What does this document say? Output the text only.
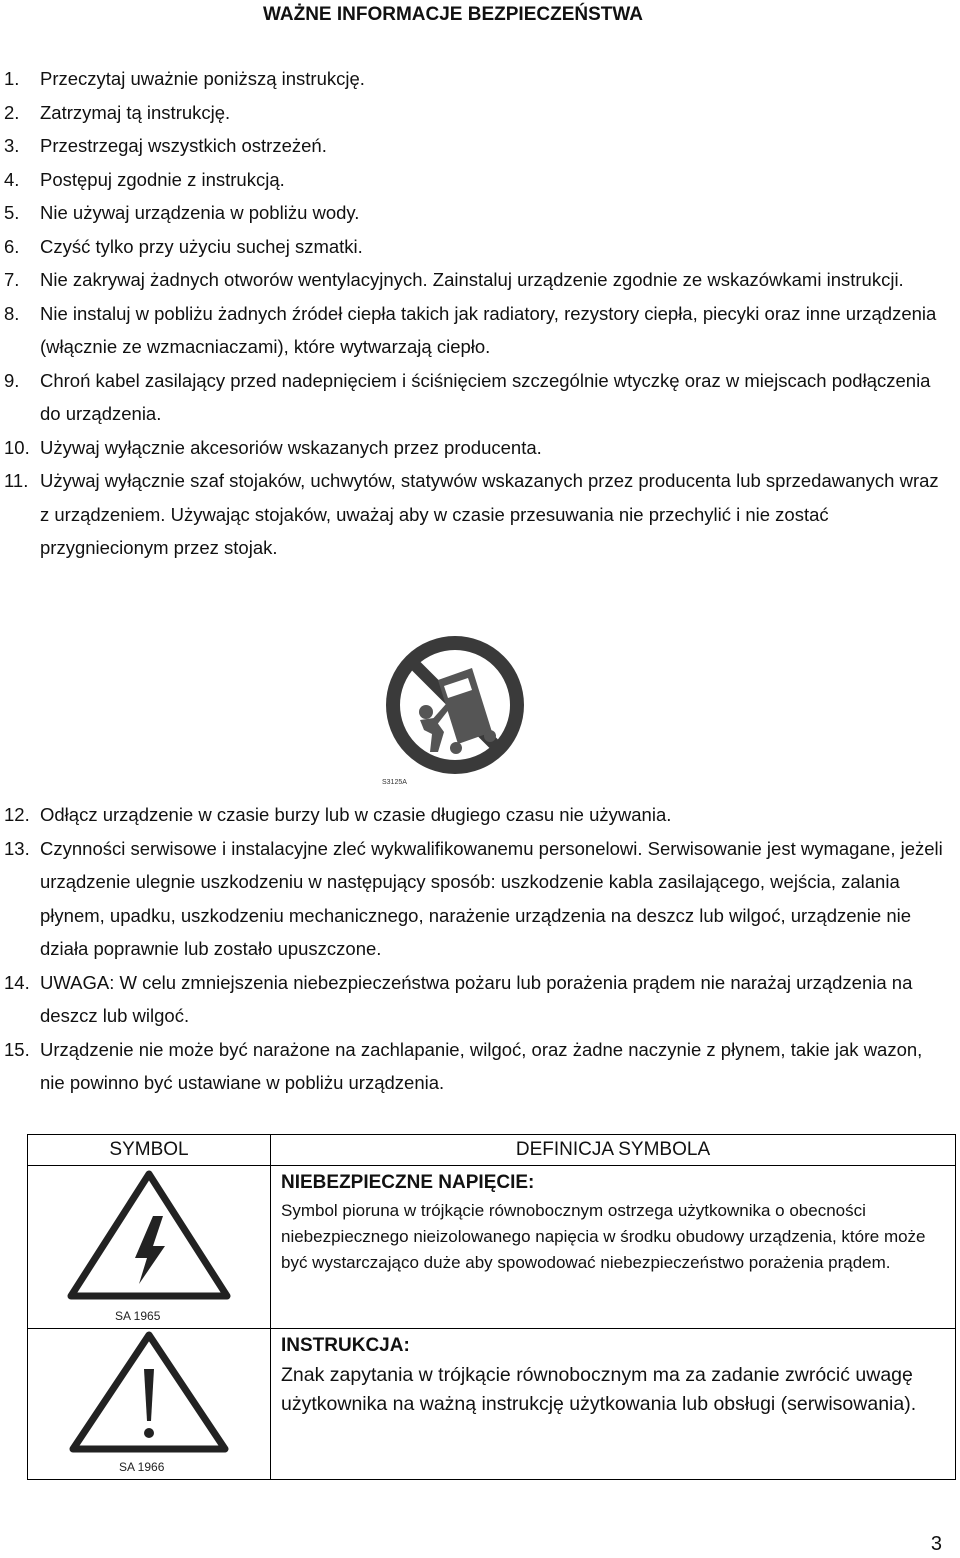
WAŻNE INFORMACJE BEZPIECZEŃSTWA
1. Przeczytaj uważnie poniższą instrukcję.
2. Zatrzymaj tą instrukcję.
3. Przestrzegaj wszystkich ostrzeżeń.
4. Postępuj zgodnie z instrukcją.
5. Nie używaj urządzenia w pobliżu wody.
6. Czyść tylko przy użyciu suchej szmatki.
7. Nie zakrywaj żadnych otworów wentylacyjnych. Zainstaluj urządzenie zgodnie ze wskazówkami instrukcji.
8. Nie instaluj w pobliżu żadnych źródeł ciepła takich jak radiatory, rezystory ciepła, piecyki oraz inne urządzenia (włącznie ze wzmacniaczami), które wytwarzają ciepło.
9. Chroń kabel zasilający przed nadepnięciem i ściśnięciem szczególnie wtyczkę oraz w miejscach podłączenia do urządzenia.
10. Używaj wyłącznie akcesoriów wskazanych przez producenta.
11. Używaj wyłącznie szaf stojaków, uchwytów, statywów wskazanych przez producenta lub sprzedawanych wraz z urządzeniem. Używając stojaków, uważaj aby w czasie przesuwania nie przechylić i nie zostać przygniecionym przez stojak.
S3125A
12. Odłącz urządzenie w czasie burzy lub w czasie długiego czasu nie używania.
13. Czynności serwisowe i instalacyjne zleć wykwalifikowanemu personelowi. Serwisowanie jest wymagane, jeżeli urządzenie ulegnie uszkodzeniu w następujący sposób: uszkodzenie kabla zasilającego, wejścia, zalania płynem, upadku, uszkodzeniu mechanicznego, narażenie urządzenia na deszcz lub wilgoć, urządzenie nie działa poprawnie lub zostało upuszczone.
14. UWAGA: W celu zmniejszenia niebezpieczeństwa pożaru lub porażenia prądem nie narażaj urządzenia na deszcz lub wilgoć.
15. Urządzenie nie może być narażone na zachlapanie, wilgoć, oraz żadne naczynie z płynem, takie jak wazon, nie powinno być ustawiane w pobliżu urządzenia.
SYMBOL	DEFINICJA SYMBOLA

SA 1965	NIEBEZPIECZNE NAPIĘCIE:
Symbol pioruna w trójkącie równobocznym ostrzega użytkownika o obecności niebezpiecznego nieizolowanego napięcia w środku obudowy urządzenia, które może być wystarczająco duże aby spowodować niebezpieczeństwo porażenia prądem.

SA 1966	INSTRUKCJA:
Znak zapytania w trójkącie równobocznym ma za zadanie zwrócić uwagę użytkownika na ważną instrukcję użytkowania lub obsługi (serwisowania).
3
